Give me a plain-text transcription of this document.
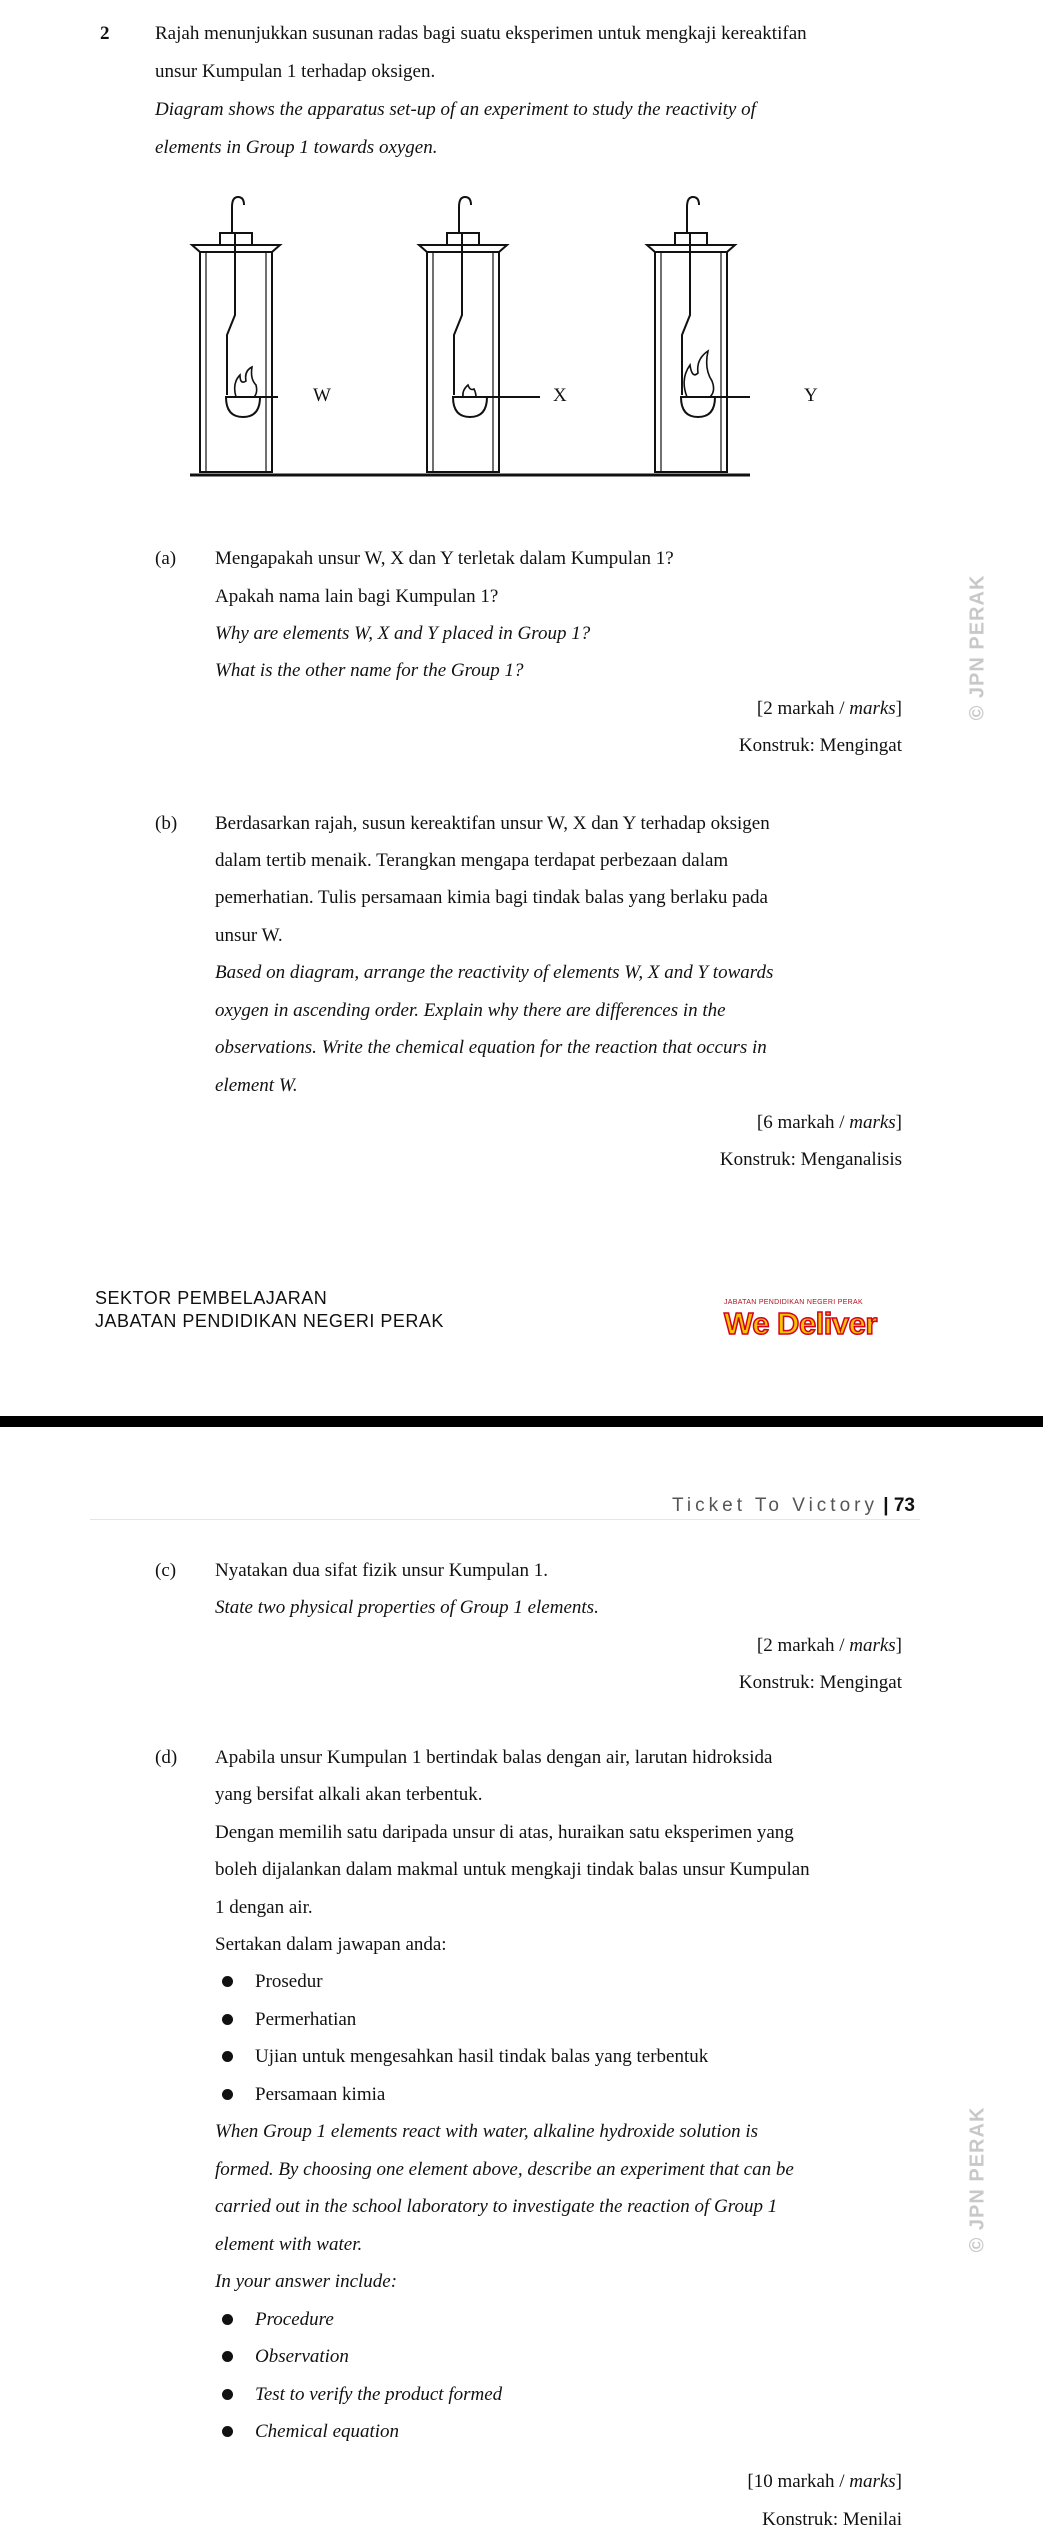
2 Rajah menunjukkan susunan radas bagi suatu eksperimen untuk mengkaji kereaktifan
unsur Kumpulan 1 terhadap oksigen.
Diagram shows the apparatus set-up of an experiment to study the reactivity of
elements in Group 1 towards oxygen.
W	X	Y
(a) Mengapakah unsur W, X dan Y terletak dalam Kumpulan 1?
Apakah nama lain bagi Kumpulan 1?
Why are elements W, X and Y placed in Group 1?
What is the other name for the Group 1?
[2 markah / marks]
Konstruk: Mengingat
© JPN PERAK
(b) Berdasarkan rajah, susun kereaktifan unsur W, X dan Y terhadap oksigen
dalam tertib menaik. Terangkan mengapa terdapat perbezaan dalam
pemerhatian. Tulis persamaan kimia bagi tindak balas yang berlaku pada
unsur W.
Based on diagram, arrange the reactivity of elements W, X and Y towards
oxygen in ascending order. Explain why there are differences in the
observations. Write the chemical equation for the reaction that occurs in
element W.
[6 markah / marks]
Konstruk: Menganalisis
SEKTOR PEMBELAJARAN
JABATAN PENDIDIKAN NEGERI PERAK
JABATAN PENDIDIKAN NEGERI PERAK
We Deliver
Ticket To Victory | 73
(c) Nyatakan dua sifat fizik unsur Kumpulan 1.
State two physical properties of Group 1 elements.
[2 markah / marks]
Konstruk: Mengingat
(d) Apabila unsur Kumpulan 1 bertindak balas dengan air, larutan hidroksida
yang bersifat alkali akan terbentuk.
Dengan memilih satu daripada unsur di atas, huraikan satu eksperimen yang
boleh dijalankan dalam makmal untuk mengkaji tindak balas unsur Kumpulan
1 dengan air.
Sertakan dalam jawapan anda:
Prosedur
Permerhatian
Ujian untuk mengesahkan hasil tindak balas yang terbentuk
Persamaan kimia
When Group 1 elements react with water, alkaline hydroxide solution is
formed. By choosing one element above, describe an experiment that can be
carried out in the school laboratory to investigate the reaction of Group 1
element with water.
In your answer include:
Procedure
Observation
Test to verify the product formed
Chemical equation
[10 markah / marks]
Konstruk: Menilai
© JPN PERAK
